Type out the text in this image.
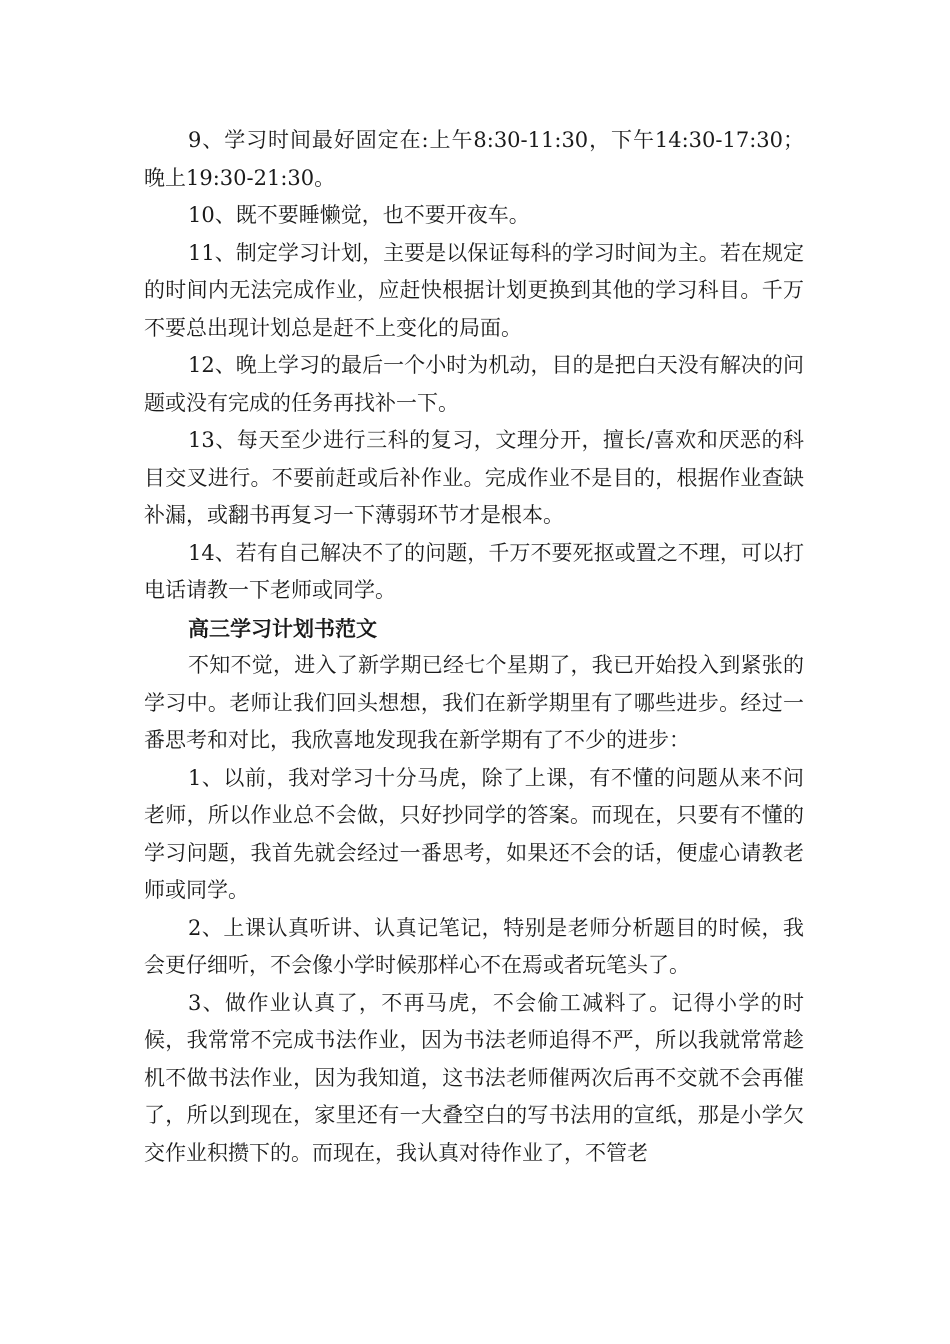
9、学习时间最好固定在:上午8:30-11:30，下午14:30-17:30；晚上19:30-21:30。

10、既不要睡懒觉，也不要开夜车。

11、制定学习计划，主要是以保证每科的学习时间为主。若在规定的时间内无法完成作业，应赶快根据计划更换到其他的学习科目。千万不要总出现计划总是赶不上变化的局面。

12、晚上学习的最后一个小时为机动，目的是把白天没有解决的问题或没有完成的任务再找补一下。

13、每天至少进行三科的复习，文理分开，擅长/喜欢和厌恶的科目交叉进行。不要前赶或后补作业。完成作业不是目的，根据作业查缺补漏，或翻书再复习一下薄弱环节才是根本。

14、若有自己解决不了的问题，千万不要死抠或置之不理，可以打电话请教一下老师或同学。

高三学习计划书范文

不知不觉，进入了新学期已经七个星期了，我已开始投入到紧张的学习中。老师让我们回头想想，我们在新学期里有了哪些进步。经过一番思考和对比，我欣喜地发现我在新学期有了不少的进步：

1、以前，我对学习十分马虎，除了上课，有不懂的问题从来不问老师，所以作业总不会做，只好抄同学的答案。而现在，只要有不懂的学习问题，我首先就会经过一番思考，如果还不会的话，便虚心请教老师或同学。

2、上课认真听讲、认真记笔记，特别是老师分析题目的时候，我会更仔细听，不会像小学时候那样心不在焉或者玩笔头了。

3、做作业认真了，不再马虎，不会偷工减料了。记得小学的时候，我常常不完成书法作业，因为书法老师追得不严，所以我就常常趁机不做书法作业，因为我知道，这书法老师催两次后再不交就不会再催了，所以到现在，家里还有一大叠空白的写书法用的宣纸，那是小学欠交作业积攒下的。而现在，我认真对待作业了，不管老
